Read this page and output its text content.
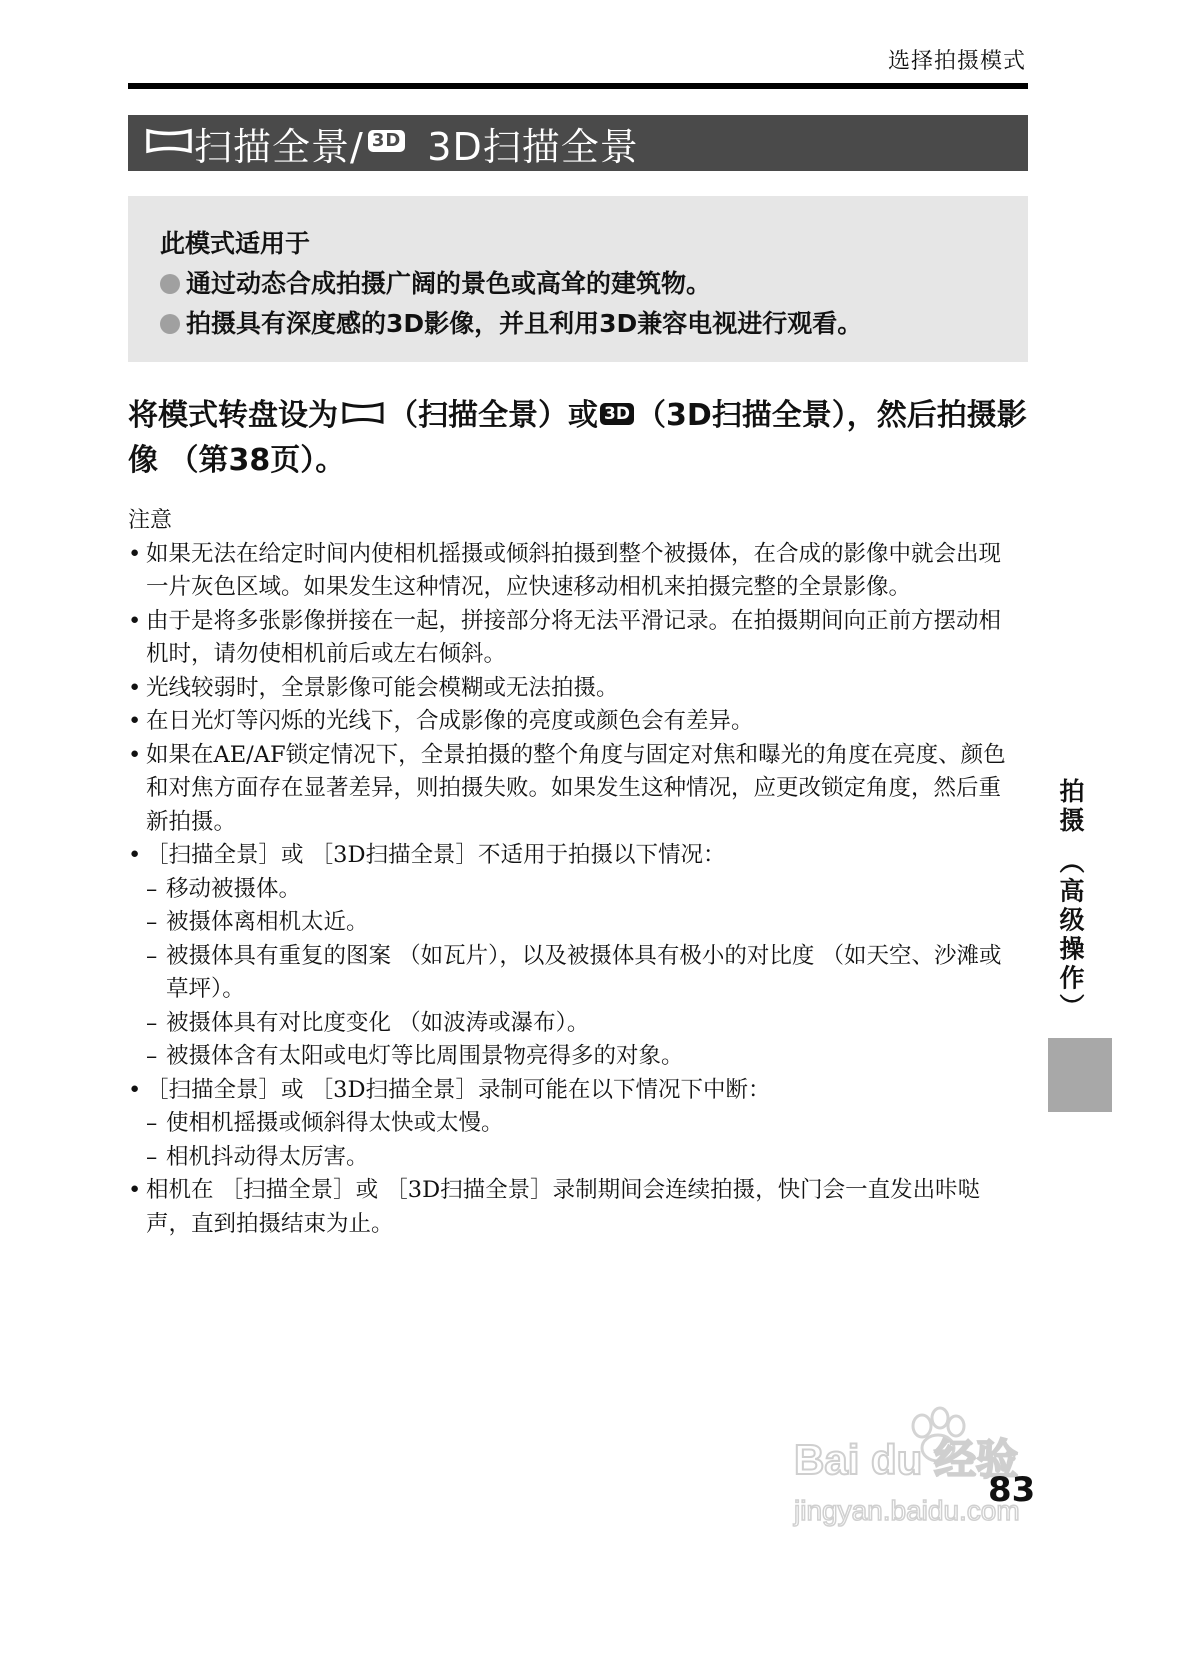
选择拍摄模式
扫描全景/ 3D 3D扫描全景
此模式适用于
通过动态合成拍摄广阔的景色或高耸的建筑物。
拍摄具有深度感的3D影像，并且利用3D兼容电视进行观看。
将模式转盘设为 （扫描全景）或 3D （3D扫描全景），然后拍摄影像 （第38页）。
注意
• 如果无法在给定时间内使相机摇摄或倾斜拍摄到整个被摄体，在合成的影像中就会出现一片灰色区域。如果发生这种情况，应快速移动相机来拍摄完整的全景影像。
• 由于是将多张影像拼接在一起，拼接部分将无法平滑记录。在拍摄期间向正前方摆动相机时，请勿使相机前后或左右倾斜。
• 光线较弱时，全景影像可能会模糊或无法拍摄。
• 在日光灯等闪烁的光线下，合成影像的亮度或颜色会有差异。
• 如果在AE/AF锁定情况下，全景拍摄的整个角度与固定对焦和曝光的角度在亮度、颜色和对焦方面存在显著差异，则拍摄失败。如果发生这种情况，应更改锁定角度，然后重新拍摄。
• ［扫描全景］或 ［3D扫描全景］不适用于拍摄以下情况：
– 移动被摄体。
– 被摄体离相机太近。
– 被摄体具有重复的图案 （如瓦片），以及被摄体具有极小的对比度 （如天空、沙滩或草坪）。
– 被摄体具有对比度变化 （如波涛或瀑布）。
– 被摄体含有太阳或电灯等比周围景物亮得多的对象。
• ［扫描全景］或 ［3D扫描全景］录制可能在以下情况下中断：
– 使相机摇摄或倾斜得太快或太慢。
– 相机抖动得太厉害。
• 相机在 ［扫描全景］或 ［3D扫描全景］录制期间会连续拍摄，快门会一直发出咔哒声，直到拍摄结束为止。
拍摄 （高级操作）
Bai du 经验
jingyan.baidu.com
83
